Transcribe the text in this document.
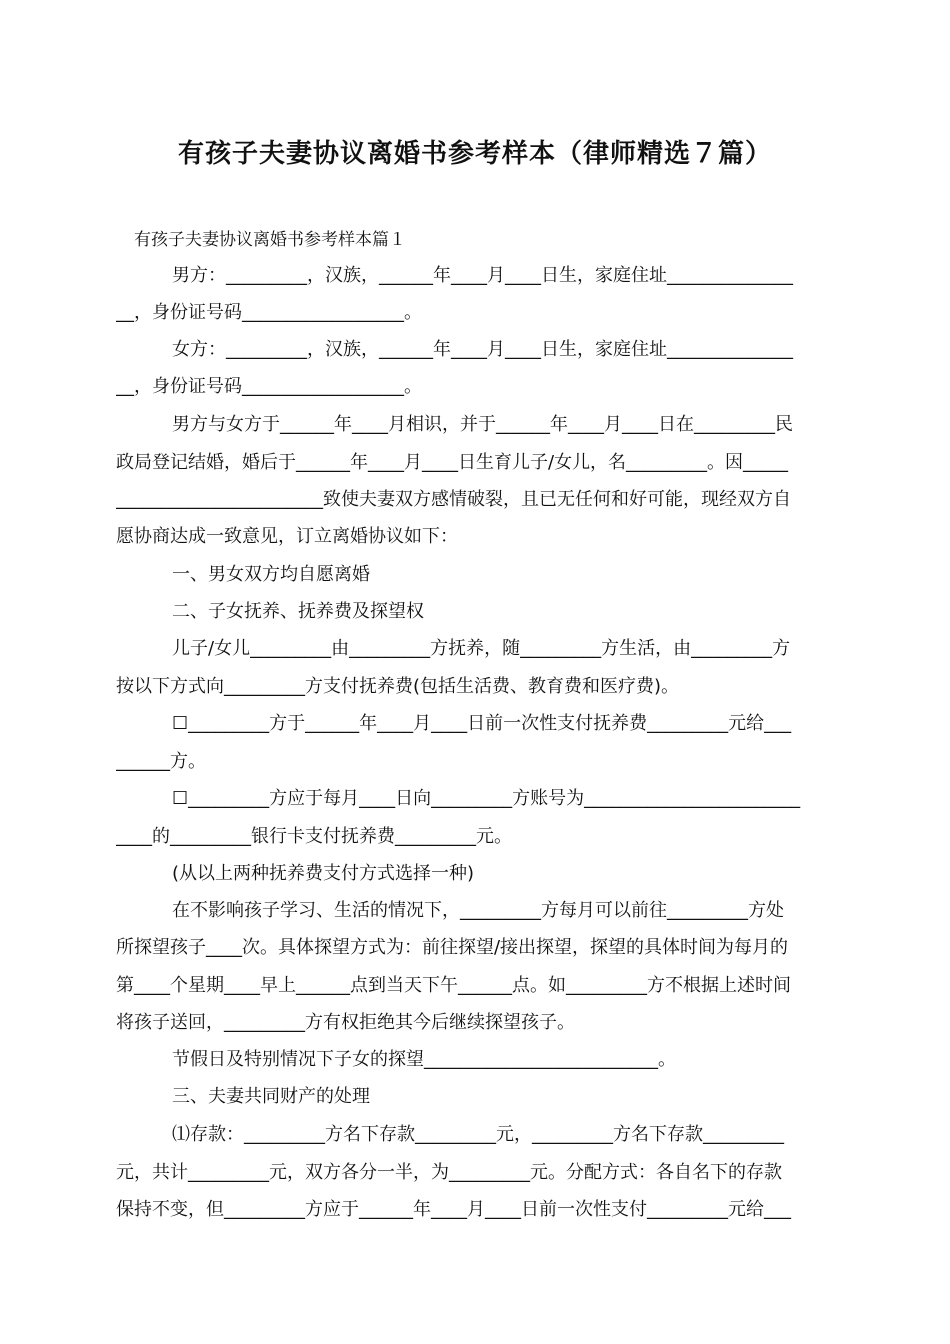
有孩子夫妻协议离婚书参考样本（律师精选７篇）
有孩子夫妻协议离婚书参考样本篇１
男方：_________，汉族，______年____月____日生，家庭住址______________
__，身份证号码__________________。
女方：_________，汉族，______年____月____日生，家庭住址______________
__，身份证号码__________________。
男方与女方于______年____月相识，并于______年____月____日在_________民
政局登记结婚，婚后于______年____月____日生育儿子/女儿，名_________。因_____
_______________________致使夫妻双方感情破裂，且已无任何和好可能，现经双方自
愿协商达成一致意见，订立离婚协议如下：
一、男女双方均自愿离婚
二、子女抚养、抚养费及探望权
儿子/女儿_________由_________方抚养，随_________方生活，由_________方
按以下方式向_________方支付抚养费(包括生活费、教育费和医疗费)。
☐_________方于______年____月____日前一次性支付抚养费_________元给___
______方。
☐_________方应于每月____日向_________方账号为________________________
____的_________银行卡支付抚养费_________元。
(从以上两种抚养费支付方式选择一种)
在不影响孩子学习、生活的情况下，_________方每月可以前往_________方处
所探望孩子____次。具体探望方式为：前往探望/接出探望，探望的具体时间为每月的
第____个星期____早上______点到当天下午______点。如_________方不根据上述时间
将孩子送回，_________方有权拒绝其今后继续探望孩子。
节假日及特别情况下子女的探望__________________________。
三、夫妻共同财产的处理
⑴存款：_________方名下存款_________元，_________方名下存款_________
元，共计_________元，双方各分一半，为_________元。分配方式：各自名下的存款
保持不变，但_________方应于______年____月____日前一次性支付_________元给___
